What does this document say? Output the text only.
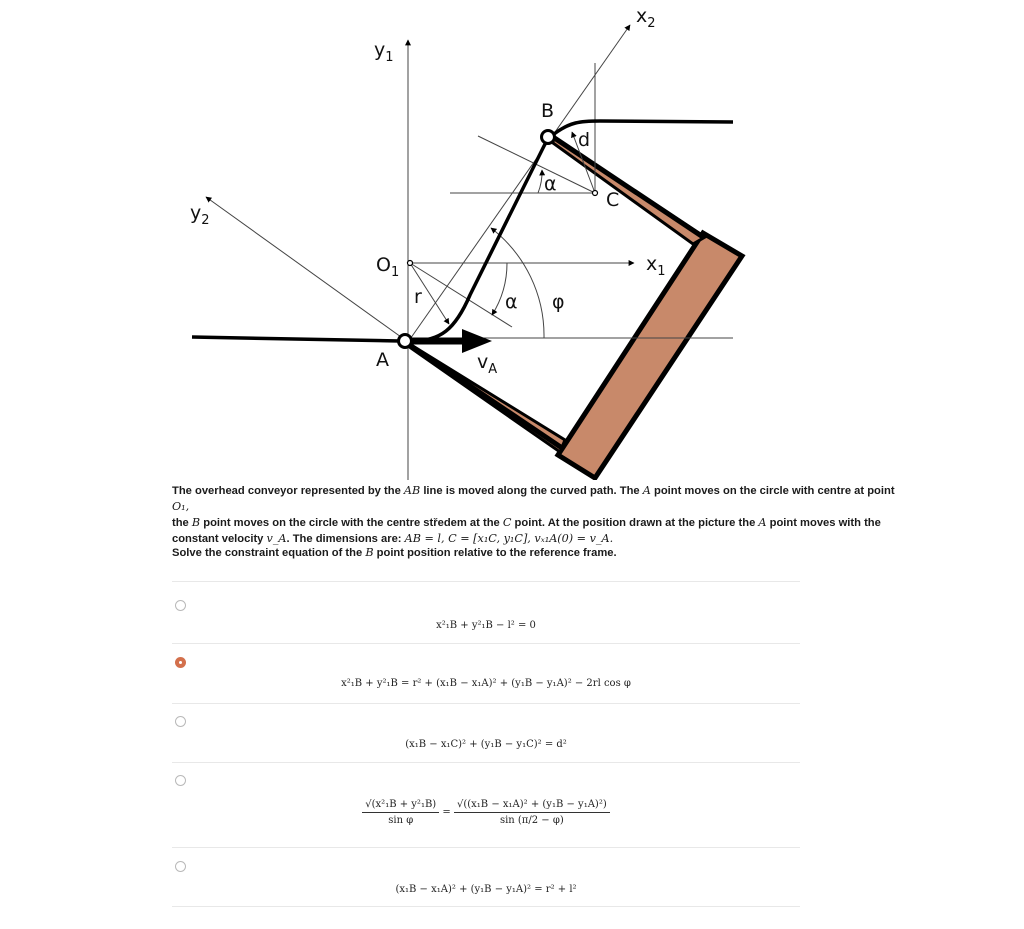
$y_1$
$y_2$
$x_2$
$x_1$
$O_1$
A
B
C
d
r
α
α φ
$v_A$

The overhead conveyor represented by the AB line is moved along the curved path. The A point moves on the circle with centre at point O₁,

the B point moves on the circle with the centre středem at the C point. At the position drawn at the picture the A point moves with the

constant velocity v_A. The dimensions are: AB = l, C = [x₁C, y₁C], vₓ₁A(0) = v_A.

Solve the constraint equation of the B point position relative to the reference frame.
x²₁B + y²₁B − l² = 0
x²₁B + y²₁B = r² + (x₁B − x₁A)² + (y₁B − y₁A)² − 2rl cos φ
(x₁B − x₁C)² + (y₁B − y₁C)² = d²
$\frac{\text{√(x²₁B + y²₁B)}}{\text{sin φ}} = \frac{\text{√((x₁B − x₁A)² + (y₁B − y₁A)²)}}{\sin (\pi/2 - \varphi)}$
(x₁B − x₁A)² + (y₁B − y₁A)² = r² + l²
